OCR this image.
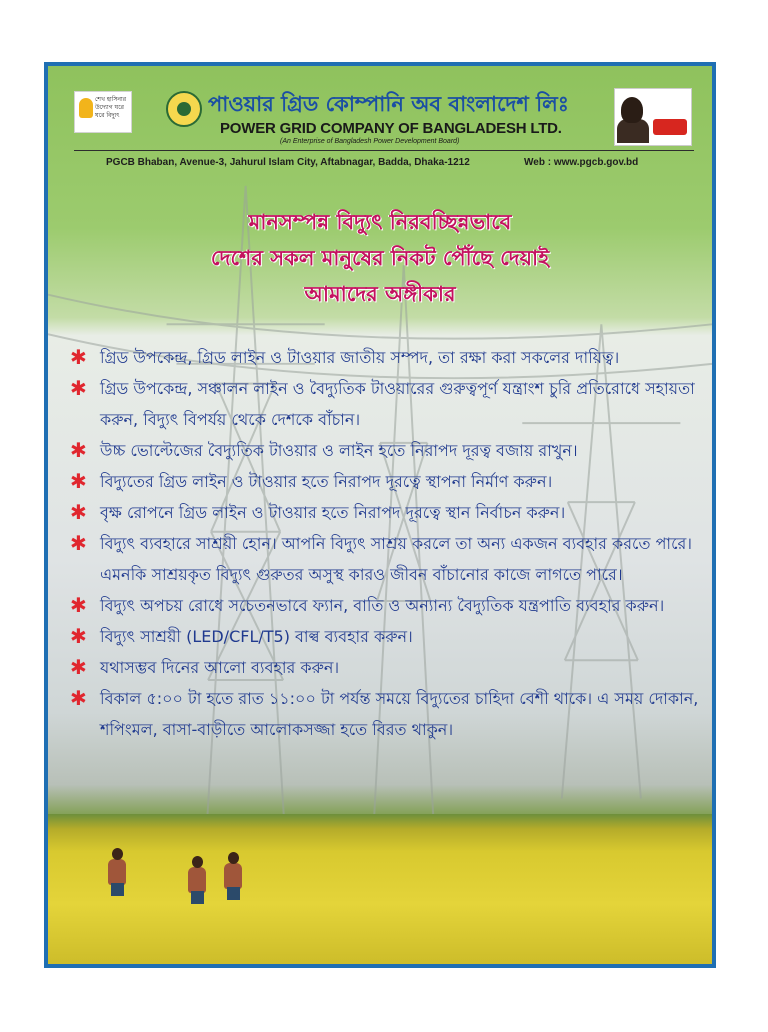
শেখ হাসিনার উদ্যোগ ঘরে ঘরে বিদ্যুৎ	পাওয়ার গ্রিড কোম্পানি অব বাংলাদেশ লিঃ
POWER GRID COMPANY OF BANGLADESH LTD.
(An Enterprise of Bangladesh Power Development Board)
PGCB Bhaban, Avenue-3, Jahurul Islam City, Aftabnagar, Badda, Dhaka-1212	Web : www.pgcb.gov.bd
মানসম্পন্ন বিদ্যুৎ নিরবচ্ছিন্নভাবে
দেশের সকল মানুষের নিকট পৌঁছে দেয়াই
আমাদের অঙ্গীকার
✱ গ্রিড উপকেন্দ্র, গ্রিড লাইন ও টাওয়ার জাতীয় সম্পদ, তা রক্ষা করা সকলের দায়িত্ব।
✱ গ্রিড উপকেন্দ্র, সঞ্চালন লাইন ও বৈদ্যুতিক টাওয়ারের গুরুত্বপূর্ণ যন্ত্রাংশ চুরি প্রতিরোধে সহায়তা করুন, বিদ্যুৎ বিপর্যয় থেকে দেশকে বাঁচান।
✱ উচ্চ ভোল্টেজের বৈদ্যুতিক টাওয়ার ও লাইন হতে নিরাপদ দূরত্ব বজায় রাখুন।
✱ বিদ্যুতের গ্রিড লাইন ও টাওয়ার হতে নিরাপদ দূরত্বে স্থাপনা নির্মাণ করুন।
✱ বৃক্ষ রোপনে গ্রিড লাইন ও টাওয়ার হতে নিরাপদ দূরত্বে স্থান নির্বাচন করুন।
✱ বিদ্যুৎ ব্যবহারে সাশ্রয়ী হোন। আপনি বিদ্যুৎ সাশ্রয় করলে তা অন্য একজন ব্যবহার করতে পারে। এমনকি সাশ্রয়কৃত বিদ্যুৎ গুরুতর অসুস্থ কারও জীবন বাঁচানোর কাজে লাগতে পারে।
✱ বিদ্যুৎ অপচয় রোধে সচেতনভাবে ফ্যান, বাতি ও অন্যান্য বৈদ্যুতিক যন্ত্রপাতি ব্যবহার করুন।
✱ বিদ্যুৎ সাশ্রয়ী (LED/CFL/T5) বাল্ব ব্যবহার করুন।
✱ যথাসম্ভব দিনের আলো ব্যবহার করুন।
✱ বিকাল ৫:০০ টা হতে রাত ১১:০০ টা পর্যন্ত সময়ে বিদ্যুতের চাহিদা বেশী থাকে। এ সময় দোকান, শপিংমল, বাসা-বাড়ীতে আলোকসজ্জা হতে বিরত থাকুন।
